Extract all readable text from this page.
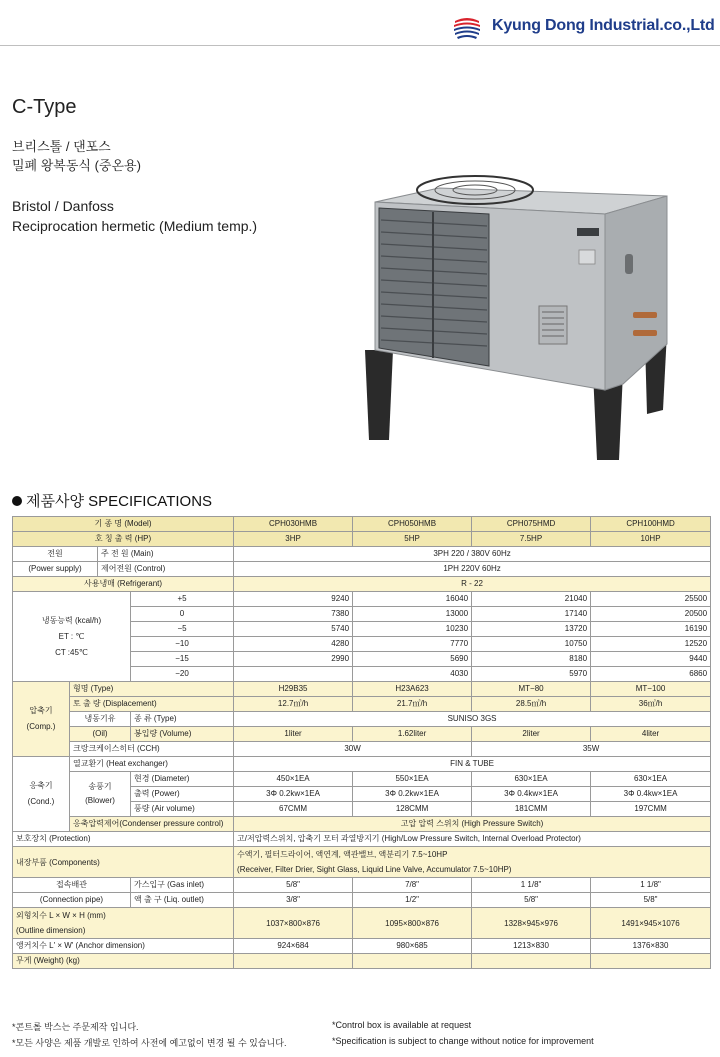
Kyung Dong Industrial.co.,Ltd
C-Type
브리스톨 / 댄포스
밀폐 왕복동식 (중온용)
Bristol / Danfoss
Reciprocation hermetic (Medium temp.)
제품사양 SPECIFICATIONS
기 종 명 (Model)				CPH030HMB	CPH050HMB	CPH075HMD	CPH100HMD
호 칭 출 력 (HP)				3HP	5HP	7.5HP	10HP
전원		주 전 원 (Main)		3PH 220 / 380V 60Hz			
(Power supply)		제어전원 (Control)		1PH 220V 60Hz			
사용냉매 (Refrigerant)				R - 22			

냉동능력 (kcal/h)
ET : ℃
CT :45℃			+5	9240	16040	21040	25500
			0	7380	13000	17140	20500
			−5	5740	10230	13720	16190
			−10	4280	7770	10750	12520
			−15	2990	5690	8180	9440
			−20		4030	5970	6860

압축기
(Comp.)	형명 (Type)			H29B35	H23A623	MT−80	MT−100
	토 출 량 (Displacement)			12.7㎥/h	21.7㎥/h	28.5㎥/h	36㎥/h
	냉동기유		종 류 (Type)	SUNISO 3GS			
	(Oil)		봉입량 (Volume)	1liter	1.62liter	2liter	4liter
	크랑크케이스히터 (CCH)			30W		35W	

응축기
(Cond.)	열교환기 (Heat exchanger)			FIN & TUBE			

	송풍기
(Blower)		현경 (Diameter)	450×1EA	550×1EA	630×1EA	630×1EA
			출력 (Power)	3Φ 0.2kw×1EA	3Φ 0.2kw×1EA	3Φ 0.4kw×1EA	3Φ 0.4kw×1EA
			풍량 (Air volume)	67CMM	128CMM	181CMM	197CMM
	응축압력제어(Condenser pressure control)			고압 압력 스위치 (High Pressure Switch)			
보호장치 (Protection)				고/저압력스위치, 압축기 모터 과열방지기 (High/Low Pressure Switch, Internal Overload Protector)			
내장부품 (Components)				수액기, 필터드라이어, 액연계, 액관밸브, 액분리기 7.5~10HP
(Receiver, Filter Drier, Sight Glass, Liquid Line Valve, Accumulator 7.5~10HP)			

접속배관			가스입구 (Gas inlet)	5/8"	7/8"	1 1/8"	1 1/8"
(Connection pipe)			액 출 구 (Liq. outlet)	3/8"	1/2"	5/8"	5/8"

외형치수 L × W × H (mm)
(Outline dimension)				1037×800×876	1095×800×876	1328×945×976	1491×945×1076
앵커치수 L' × W' (Anchor dimension)				924×684	980×685	1213×830	1376×830
무게 (Weight) (kg)							
*콘트롤 박스는 주문제작 입니다.
*모든 사양은 제품 개발로 인하여 사전에 예고없이 변경 될 수 있습니다.
*Control box is available at request
*Specification is subject to change without notice for improvement
